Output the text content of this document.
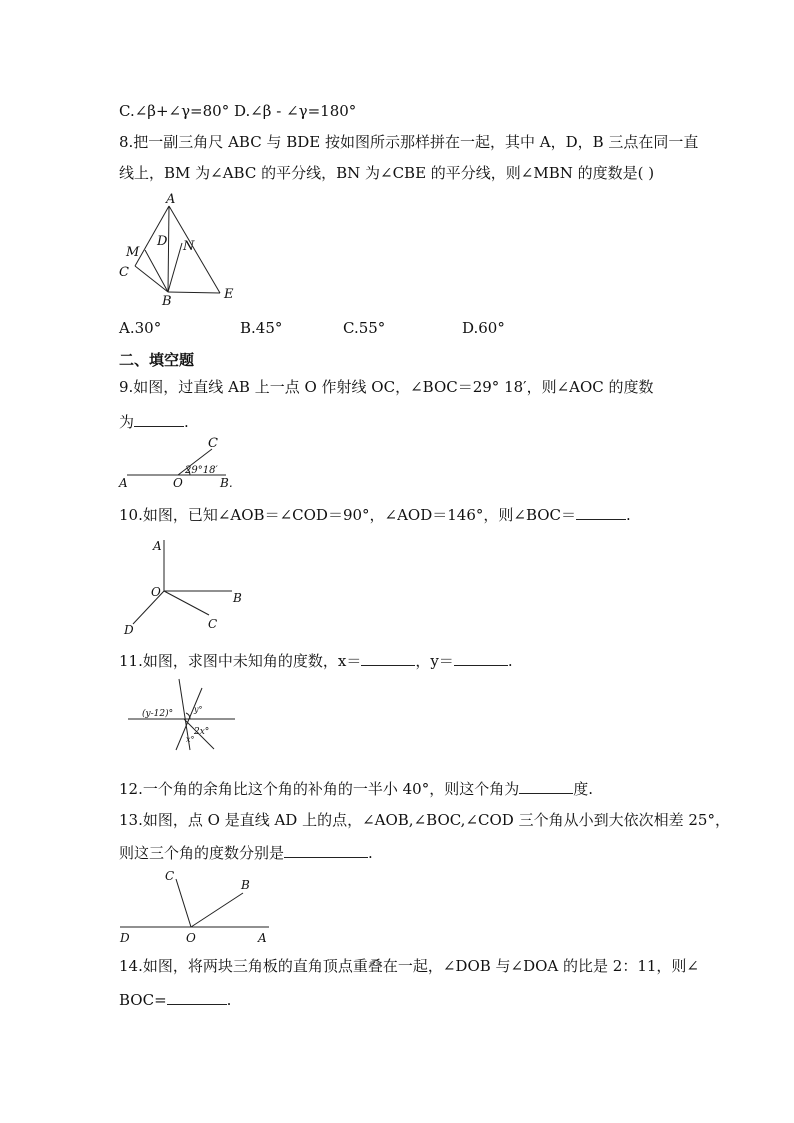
C.∠β+∠γ=80° D.∠β - ∠γ=180°
8.把一副三角尺 ABC 与 BDE 按如图所示那样拼在一起，其中 A，D，B 三点在同一直
线上，BM 为∠ABC 的平分线，BN 为∠CBE 的平分线，则∠MBN 的度数是( )
A
D N
M
C
B	E
A.30°	B.45°	C.55°	D.60°
二、填空题
9.如图，过直线 AB 上一点 O 作射线 OC，∠BOC＝29° 18′，则∠AOC 的度数
为	.
C
29°18′
A	O	B.
10.如图，已知∠AOB＝∠COD＝90°，∠AOD＝146°，则∠BOC＝	.
A
O	B
C
D
11.如图，求图中未知角的度数，x＝	，y＝	.
(y-12)°	y°
2x°
x°
12.一个角的余角比这个角的补角的一半小 40°，则这个角为	度.
13.如图，点 O 是直线 AD 上的点，∠AOB,∠BOC,∠COD 三个角从小到大依次相差 25°，
则这三个角的度数分别是	.
C
B
D	O	A
14.如图，将两块三角板的直角顶点重叠在一起，∠DOB 与∠DOA 的比是 2：11，则∠
BOC=	.
